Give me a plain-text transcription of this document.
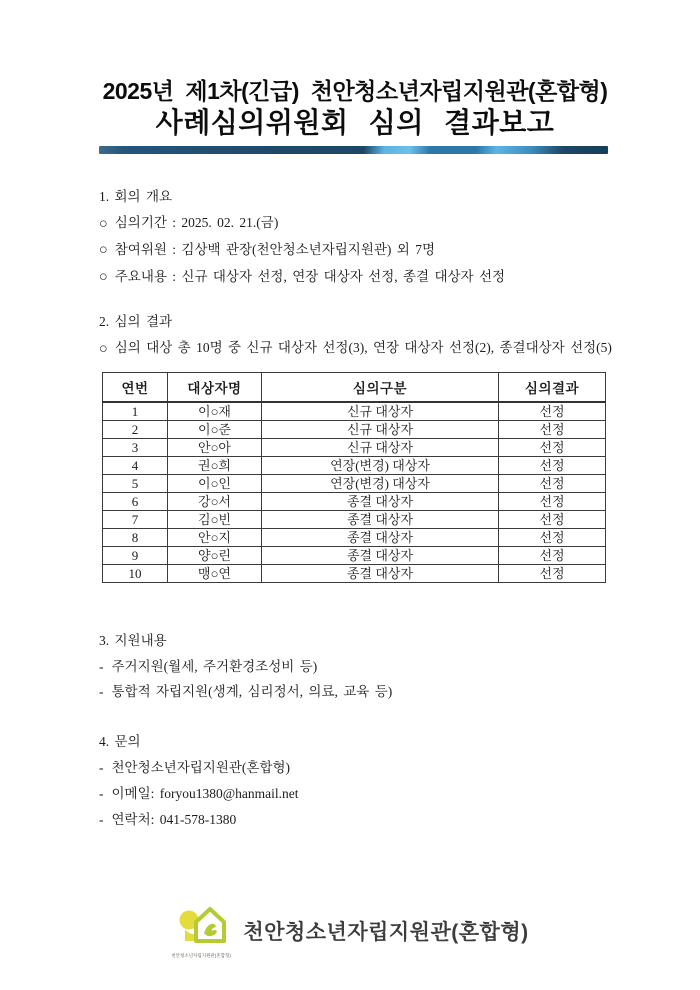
2025년 제1차(긴급) 천안청소년자립지원관(혼합형)
사례심의위원회 심의 결과보고
1. 회의 개요
○ 심의기간 : 2025. 02. 21.(금)
○ 참여위원 : 김상백 관장(천안청소년자립지원관) 외 7명
○ 주요내용 : 신규 대상자 선정, 연장 대상자 선정, 종결 대상자 선정
2. 심의 결과
○ 심의 대상 총 10명 중 신규 대상자 선정(3), 연장 대상자 선정(2), 종결대상자 선정(5)
연번	대상자명	심의구분	심의결과
1	이○재	신규 대상자	선정
2	이○준	신규 대상자	선정
3	안○아	신규 대상자	선정
4	권○희	연장(변경) 대상자	선정
5	이○인	연장(변경) 대상자	선정
6	강○서	종결 대상자	선정
7	김○빈	종결 대상자	선정
8	안○지	종결 대상자	선정
9	양○린	종결 대상자	선정
10	맹○연	종결 대상자	선정
3. 지원내용
- 주거지원(월세, 주거환경조성비 등)
- 통합적 자립지원(생계, 심리정서, 의료, 교육 등)
4. 문의
- 천안청소년자립지원관(혼합형)
- 이메일: foryou1380@hanmail.net
- 연락처: 041-578-1380
천안청소년자립지원관(혼합형)
천안청소년자립지원관(혼합형)
